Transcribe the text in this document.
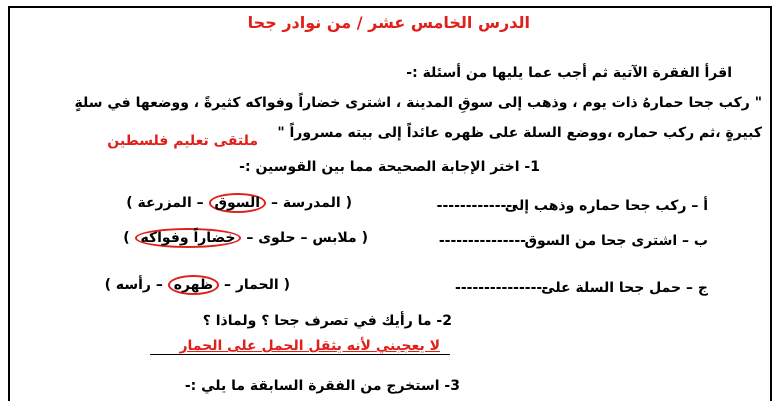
الدرس الخامس عشر / من نوادر جحا
اقرأ الفقرة الآتية ثم أجب عما يليها من أسئلة :-
" ركب جحا حمارهُ ذات يوم ، وذهب إلى سوقِ المدينة ، اشترى خضاراً وفواكه كثيرةً ، ووضعها في سلةٍ
كبيرةٍ ،ثم ركب حماره ،ووضع السلة على ظهره عائداً إلى بيته مسروراً "
ملتقى تعليم فلسطين
1- اختر الإجابة الصحيحة مما بين القوسين :-
أ – ركب جحا حماره وذهب إلى
--------------
( المدرسة – السوق – المزرعة )
ب – اشترى جحا من السوق
---------------
( ملابس – حلوى – خضاراً وفواكه )
ج – حمل جحا السلة على
----------------
( الحمار – ظهره – رأسه )
2- ما رأيك في تصرف جحا ؟ ولماذا ؟
لا يعجبني لأنه يثقل الحمل على الحمار
3- استخرج من الفقرة السابقة ما يلي :-
